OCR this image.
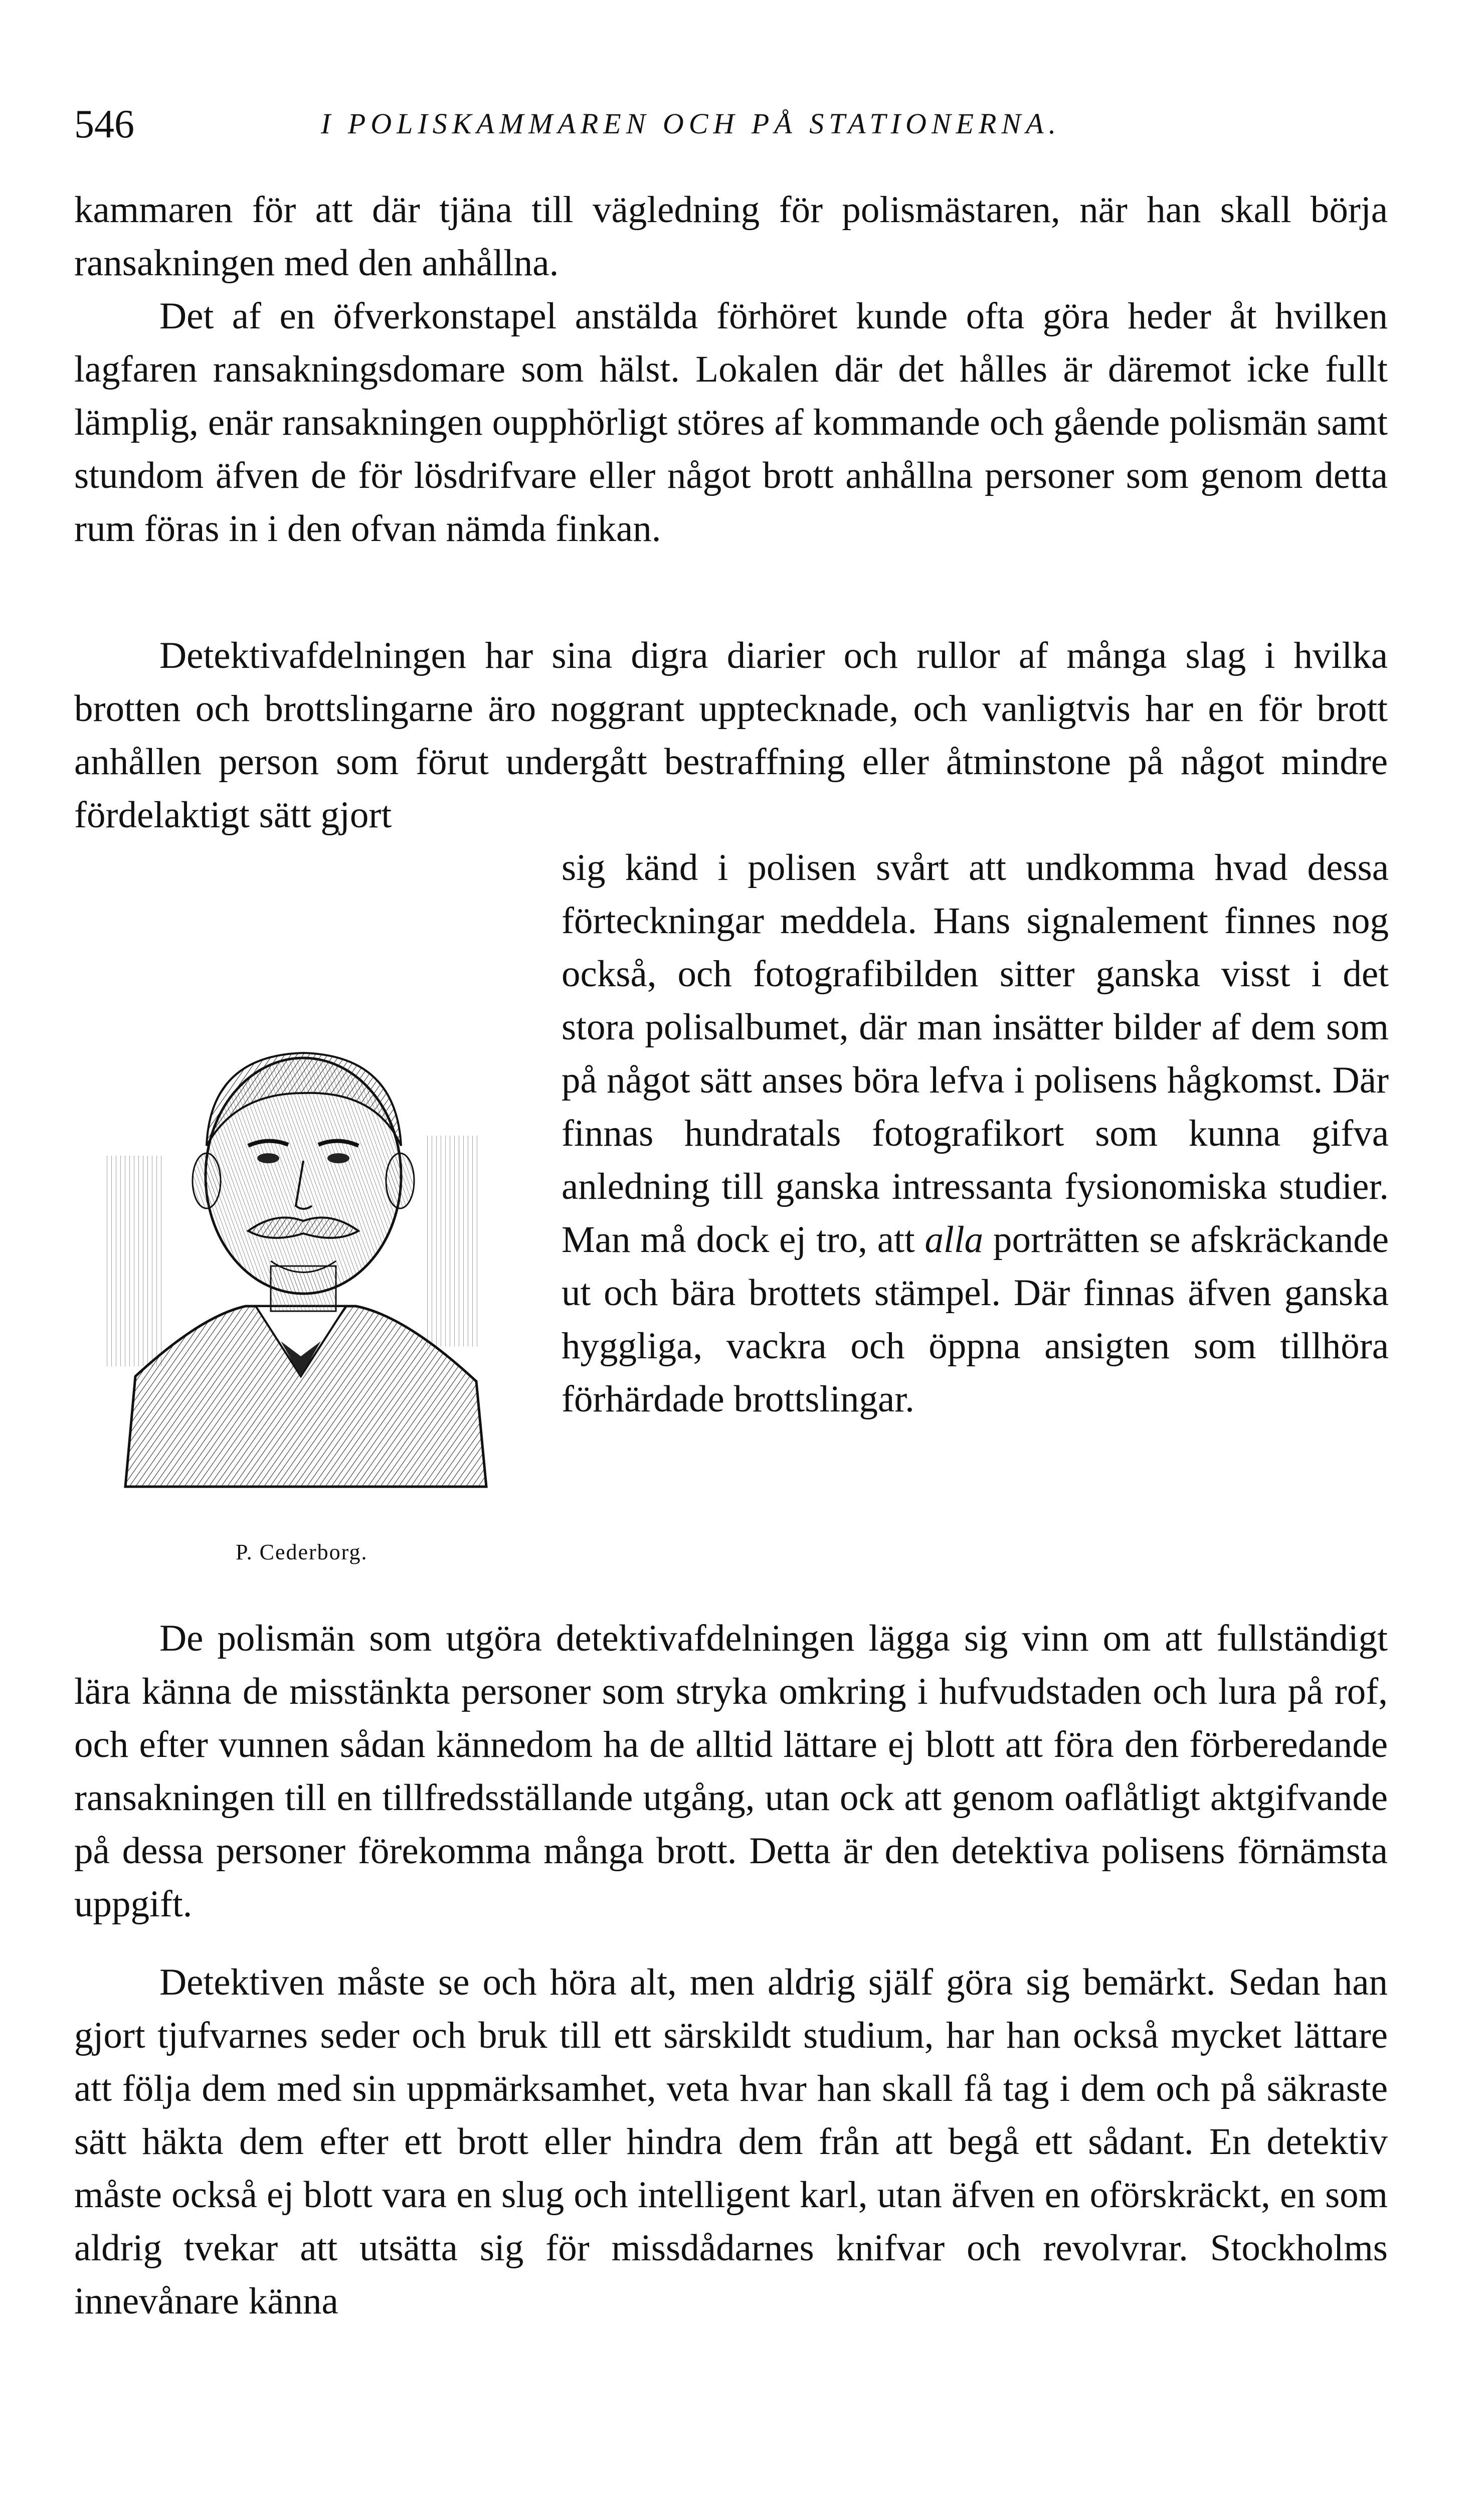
546	I POLISKAMMAREN OCH PÅ STATIONERNA.

kammaren för att där tjäna till vägledning för polismästaren, när han skall börja ransakningen med den anhållna.

Det af en öfverkonstapel anstälda förhöret kunde ofta göra heder åt hvilken lagfaren ransakningsdomare som hälst. Lokalen där det hålles är däremot icke fullt lämplig, enär ransakningen oupphörligt störes af kommande och gående polismän samt stundom äfven de för lösdrifvare eller något brott anhållna personer som genom detta rum föras in i den ofvan nämda finkan.

Detektivafdelningen har sina digra diarier och rullor af många slag i hvilka brotten och brottslingarne äro noggrant upptecknade, och vanligtvis har en för brott anhållen person som förut undergått bestraffning eller åtminstone på något mindre fördelaktigt sätt gjort

sig känd i polisen svårt att undkomma hvad dessa förteckningar meddela. Hans signalement finnes nog också, och fotografibilden sitter ganska visst i det stora polisalbumet, där man insätter bilder af dem som på något sätt anses böra lefva i polisens hågkomst. Där finnas hundratals fotografikort som kunna gifva anledning till ganska intressanta fysionomiska studier. Man må dock ej tro, att alla porträtten se afskräckande ut och bära brottets stämpel. Där finnas äfven ganska hyggliga, vackra och öppna ansigten som tillhöra förhärdade brottslingar.

P. Cederborg.

De polismän som utgöra detektivafdelningen lägga sig vinn om att fullständigt lära känna de misstänkta personer som stryka omkring i hufvudstaden och lura på rof, och efter vunnen sådan kännedom ha de alltid lättare ej blott att föra den förberedande ransakningen till en tillfredsställande utgång, utan ock att genom oaflåtligt aktgifvande på dessa personer förekomma många brott. Detta är den detektiva polisens förnämsta uppgift.

Detektiven måste se och höra alt, men aldrig själf göra sig bemärkt. Sedan han gjort tjufvarnes seder och bruk till ett särskildt studium, har han också mycket lättare att följa dem med sin uppmärksamhet, veta hvar han skall få tag i dem och på säkraste sätt häkta dem efter ett brott eller hindra dem från att begå ett sådant. En detektiv måste också ej blott vara en slug och intelligent karl, utan äfven en oförskräckt, en som aldrig tvekar att utsätta sig för missdådarnes knifvar och revolvrar. Stockholms innevånare känna
